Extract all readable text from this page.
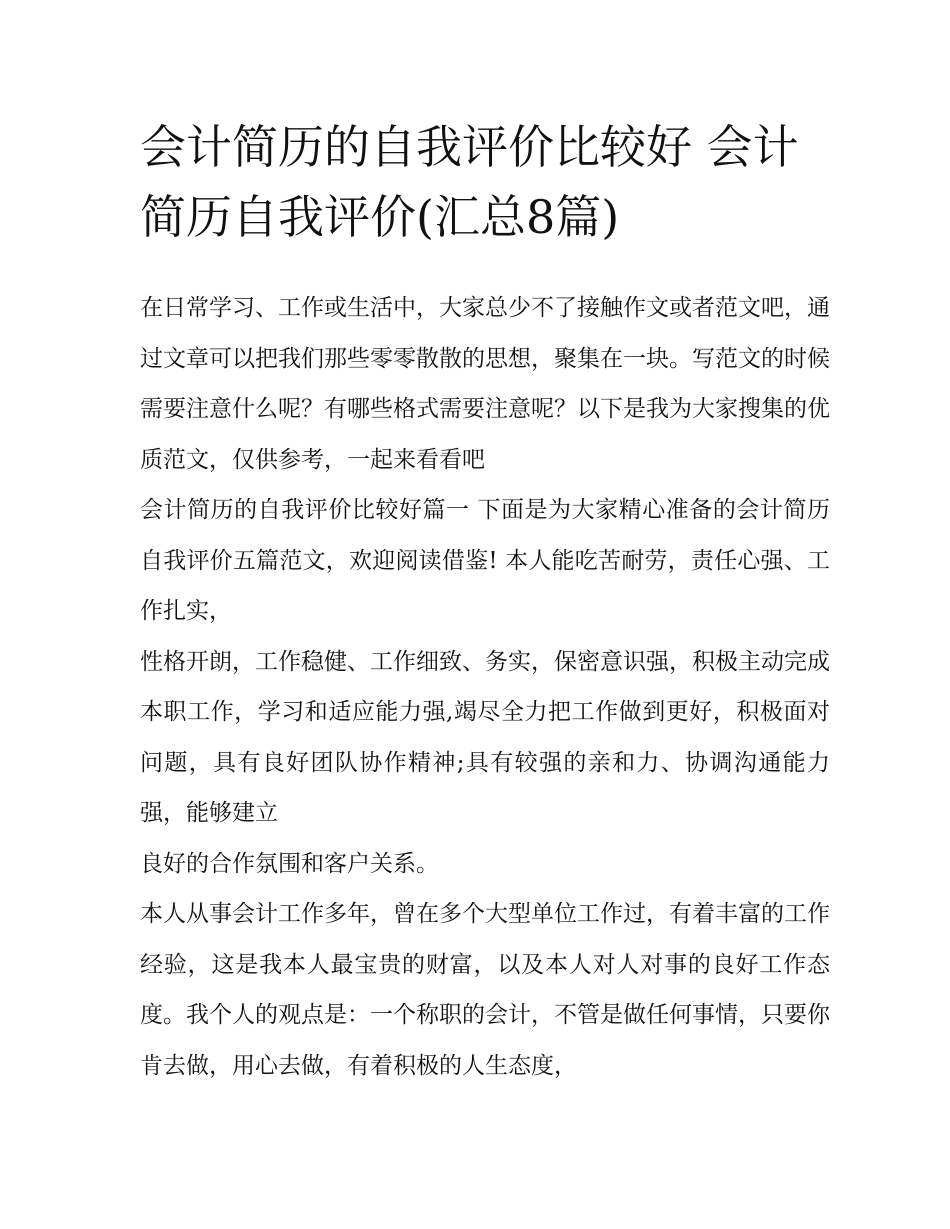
会计简历的自我评价比较好 会计简历自我评价(汇总8篇)

在日常学习、工作或生活中，大家总少不了接触作文或者范文吧，通过文章可以把我们那些零零散散的思想，聚集在一块。写范文的时候需要注意什么呢？有哪些格式需要注意呢？以下是我为大家搜集的优质范文，仅供参考，一起来看看吧

会计简历的自我评价比较好篇一 下面是为大家精心准备的会计简历自我评价五篇范文，欢迎阅读借鉴! 本人能吃苦耐劳，责任心强、工作扎实，

性格开朗，工作稳健、工作细致、务实，保密意识强，积极主动完成本职工作，学习和适应能力强,竭尽全力把工作做到更好，积极面对问题，具有良好团队协作精神;具有较强的亲和力、协调沟通能力强，能够建立

良好的合作氛围和客户关系。

本人从事会计工作多年，曾在多个大型单位工作过，有着丰富的工作经验，这是我本人最宝贵的财富，以及本人对人对事的良好工作态度。我个人的观点是：一个称职的会计，不管是做任何事情，只要你肯去做，用心去做，有着积极的人生态度，
